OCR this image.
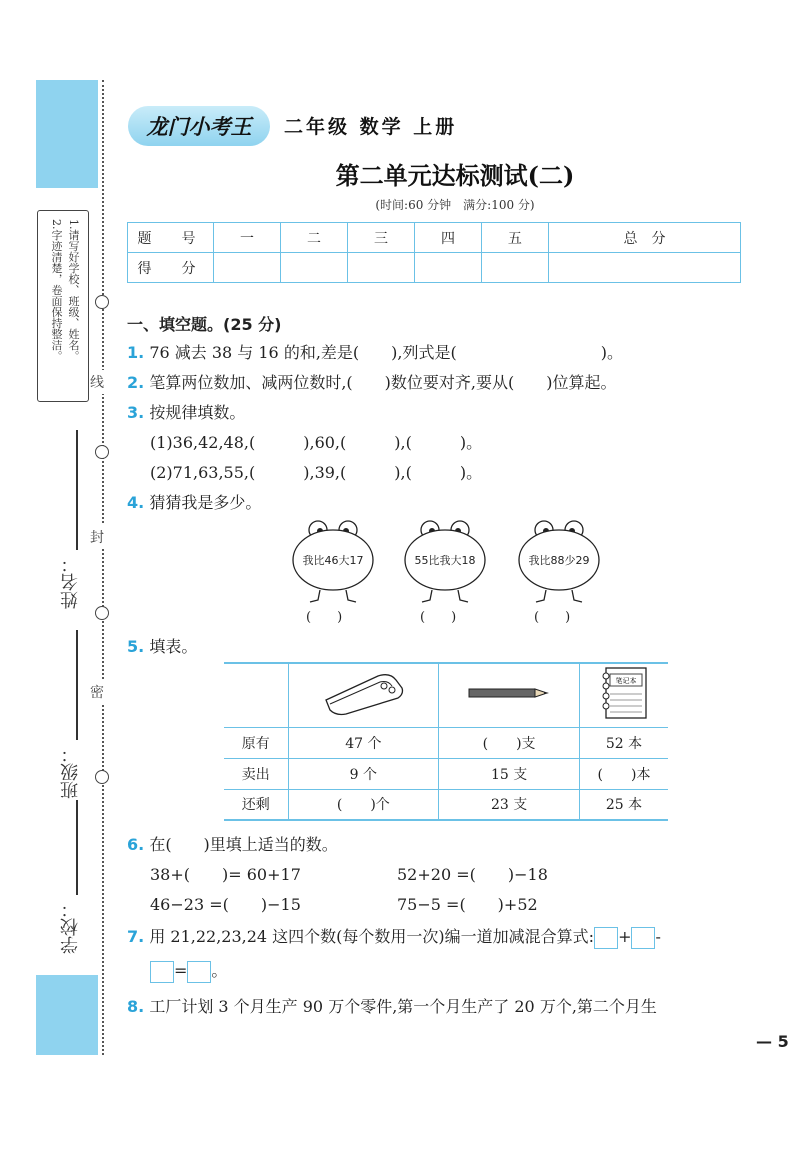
1.请写好学校、班级、姓名。
2.字迹清楚，卷面保持整洁。
姓名：
班级：
学校：
线
封
密
龙门小考王	二年级 数学 上册
第二单元达标测试(二)
(时间:60 分钟　满分:100 分)
题　号	一	二	三	四	五	总　分
得　分						
一、填空题。(25 分)
1. 76 减去 38 与 16 的和,差是(　　),列式是(　　　　　　　　　)。
2. 笔算两位数加、减两位数时,(　　)数位要对齐,要从(　　)位算起。
3. 按规律填数。
(1)36,42,48,(　　　),60,(　　　),(　　　)。
(2)71,63,55,(　　　),39,(　　　),(　　　)。
4. 猜猜我是多少。
我比46大17	55比我大18	我比88少29
(　　)	(　　)	(　　)
5. 填表。

笔记本

原有	47 个	(　　)支	52 本
卖出	9 个	15 支	(　　)本
还剩	(　　)个	23 支	25 本
6. 在(　　)里填上适当的数。
38+(　　)= 60+17	52+20 =(　　)−18
46−23 =(　　)−15	75−5 =(　　)+52
7. 用 21,22,23,24 这四个数(每个数用一次)编一道加减混合算式: + -
= 。
8. 工厂计划 3 个月生产 90 万个零件,第一个月生产了 20 万个,第二个月生
— 5
